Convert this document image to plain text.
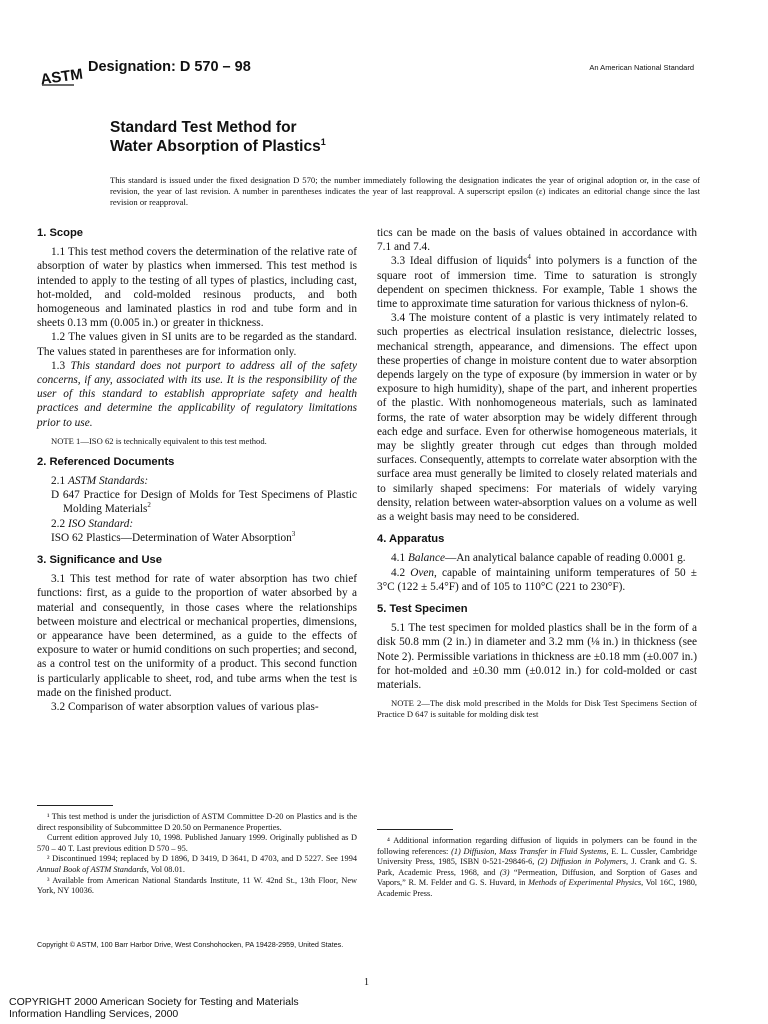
ASTM Designation: D 570 – 98	An American National Standard
Standard Test Method for
Water Absorption of Plastics$^1$
This standard is issued under the fixed designation D 570; the number immediately following the designation indicates the year of original adoption or, in the case of revision, the year of last revision. A number in parentheses indicates the year of last reapproval. A superscript epsilon (ε) indicates an editorial change since the last revision or reapproval.
1. Scope

1.1 This test method covers the determination of the relative rate of absorption of water by plastics when immersed. This test method is intended to apply to the testing of all types of plastics, including cast, hot-molded, and cold-molded resinous products, and both homogeneous and laminated plastics in rod and tube form and in sheets 0.13 mm (0.005 in.) or greater in thickness.

1.2 The values given in SI units are to be regarded as the standard. The values stated in parentheses are for information only.

1.3 This standard does not purport to address all of the safety concerns, if any, associated with its use. It is the responsibility of the user of this standard to establish appropriate safety and health practices and determine the applicability of regulatory limitations prior to use.

NOTE 1—ISO 62 is technically equivalent to this test method.

2. Referenced Documents

2.1 ASTM Standards:

D 647 Practice for Design of Molds for Test Specimens of Plastic Molding Materials$^2$

2.2 ISO Standard:

ISO 62 Plastics—Determination of Water Absorption$^3$

3. Significance and Use

3.1 This test method for rate of water absorption has two chief functions: first, as a guide to the proportion of water absorbed by a material and consequently, in those cases where the relationships between moisture and electrical or mechanical properties, dimensions, or appearance have been determined, as a guide to the effects of exposure to water or humid conditions on such properties; and second, as a control test on the uniformity of a product. This second function is particularly applicable to sheet, rod, and tube arms when the test is made on the finished product.

3.2 Comparison of water absorption values of various plas-

tics can be made on the basis of values obtained in accordance with 7.1 and 7.4.

3.3 Ideal diffusion of liquids$^4$ into polymers is a function of the square root of immersion time. Time to saturation is strongly dependent on specimen thickness. For example, Table 1 shows the time to approximate time saturation for various thickness of nylon-6.

3.4 The moisture content of a plastic is very intimately related to such properties as electrical insulation resistance, dielectric losses, mechanical strength, appearance, and dimensions. The effect upon these properties of change in moisture content due to water absorption depends largely on the type of exposure (by immersion in water or by exposure to high humidity), shape of the part, and inherent properties of the plastic. With nonhomogeneous materials, such as laminated forms, the rate of water absorption may be widely different through each edge and surface. Even for otherwise homogeneous materials, it may be slightly greater through cut edges than through molded surfaces. Consequently, attempts to correlate water absorption with the surface area must generally be limited to closely related materials and to similarly shaped specimens: For materials of widely varying density, relation between water-absorption values on a volume as well as a weight basis may need to be considered.

4. Apparatus

4.1 Balance—An analytical balance capable of reading 0.0001 g.

4.2 Oven, capable of maintaining uniform temperatures of 50 ± 3°C (122 ± 5.4°F) and of 105 to 110°C (221 to 230°F).

5. Test Specimen

5.1 The test specimen for molded plastics shall be in the form of a disk 50.8 mm (2 in.) in diameter and 3.2 mm (⅛ in.) in thickness (see Note 2). Permissible variations in thickness are ±0.18 mm (±0.007 in.) for hot-molded and ±0.30 mm (±0.012 in.) for cold-molded or cast materials.

NOTE 2—The disk mold prescribed in the Molds for Disk Test Specimens Section of Practice D 647 is suitable for molding disk test

¹ This test method is under the jurisdiction of ASTM Committee D-20 on Plastics and is the direct responsibility of Subcommittee D 20.50 on Permanence Properties.

Current edition approved July 10, 1998. Published January 1999. Originally published as D 570 – 40 T. Last previous edition D 570 – 95.

² Discontinued 1994; replaced by D 1896, D 3419, D 3641, D 4703, and D 5227. See 1994 Annual Book of ASTM Standards, Vol 08.01.

³ Available from American National Standards Institute, 11 W. 42nd St., 13th Floor, New York, NY 10036.

⁴ Additional information regarding diffusion of liquids in polymers can be found in the following references: (1) Diffusion, Mass Transfer in Fluid Systems, E. L. Cussler, Cambridge University Press, 1985, ISBN 0-521-29846-6, (2) Diffusion in Polymers, J. Crank and G. S. Park, Academic Press, 1968, and (3) “Permeation, Diffusion, and Sorption of Gases and Vapors,” R. M. Felder and G. S. Huvard, in Methods of Experimental Physics, Vol 16C, 1980, Academic Press.

Copyright © ASTM, 100 Barr Harbor Drive, West Conshohocken, PA 19428-2959, United States.
1
COPYRIGHT 2000 American Society for Testing and Materials
Information Handling Services, 2000
